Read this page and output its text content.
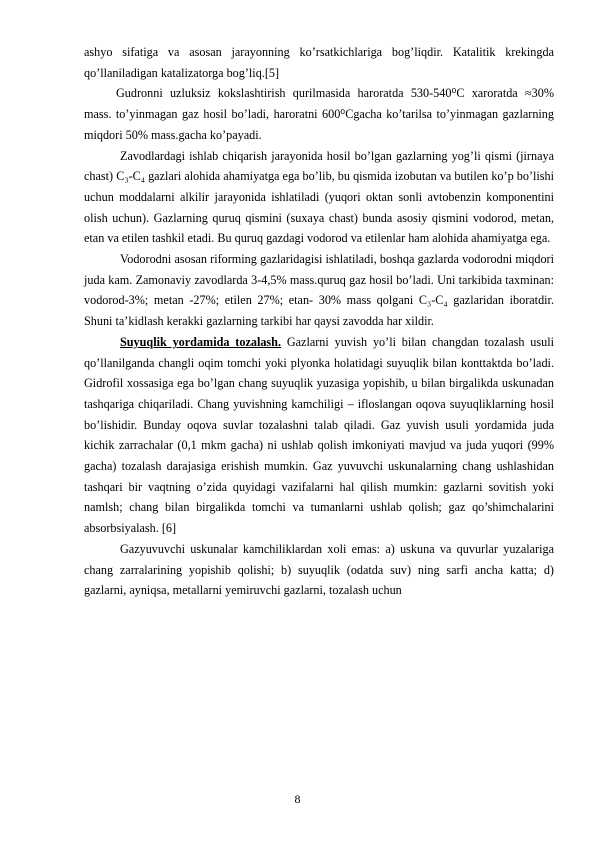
ashyo sifatiga va asosan jarayonning ko’rsatkichlariga bog’liqdir. Katalitik krekingda qo’llaniladigan katalizatorga bog’liq.[5]

Gudronni uzluksiz kokslashtirish qurilmasida haroratda 530-540⁰C xaroratda ≈30% mass. to’yinmagan gaz hosil bo’ladi, haroratni 600⁰Cgacha ko’tarilsa to’yinmagan gazlarning miqdori 50% mass.gacha ko’payadi.

Zavodlardagi ishlab chiqarish jarayonida hosil bo’lgan gazlarning yog’li qismi (jirnaya chast) C₃-C₄ gazlari alohida ahamiyatga ega bo’lib, bu qismida izobutan va butilen ko’p bo’lishi uchun moddalarni alkilir jarayonida ishlatiladi (yuqori oktan sonli avtobenzin komponentini olish uchun). Gazlarning quruq qismini (suxaya chast) bunda asosiy qismini vodorod, metan, etan va etilen tashkil etadi. Bu quruq gazdagi vodorod va etilenlar ham alohida ahamiyatga ega.

Vodorodni asosan riforming gazlaridagisi ishlatiladi, boshqa gazlarda vodorodni miqdori juda kam. Zamonaviy zavodlarda 3-4,5% mass.quruq gaz hosil bo’ladi. Uni tarkibida taxminan: vodorod-3%; metan -27%; etilen 27%; etan- 30% mass qolgani C₃-C₄ gazlaridan iboratdir. Shuni ta’kidlash kerakki gazlarning tarkibi har qaysi zavodda har xildir.

Suyuqlik yordamida tozalash. Gazlarni yuvish yo’li bilan changdan tozalash usuli qo’llanilganda changli oqim tomchi yoki plyonka holatidagi suyuqlik bilan konttaktda bo’ladi. Gidrofil xossasiga ega bo’lgan chang suyuqlik yuzasiga yopishib, u bilan birgalikda uskunadan tashqariga chiqariladi. Chang yuvishning kamchiligi – ifloslangan oqova suyuqliklarning hosil bo’lishidir. Bunday oqova suvlar tozalashni talab qiladi. Gaz yuvish usuli yordamida juda kichik zarrachalar (0,1 mkm gacha) ni ushlab qolish imkoniyati mavjud va juda yuqori (99% gacha) tozalash darajasiga erishish mumkin. Gaz yuvuvchi uskunalarning chang ushlashidan tashqari bir vaqtning o’zida quyidagi vazifalarni hal qilish mumkin: gazlarni sovitish yoki namlsh; chang bilan birgalikda tomchi va tumanlarni ushlab qolish; gaz qo’shimchalarini absorbsiyalash. [6]

Gazyuvuvchi uskunalar kamchiliklardan xoli emas: a) uskuna va quvurlar yuzalariga chang zarralarining yopishib qolishi; b) suyuqlik (odatda suv) ning sarfi ancha katta; d) gazlarni, ayniqsa, metallarni yemiruvchi gazlarni, tozalash uchun

8
